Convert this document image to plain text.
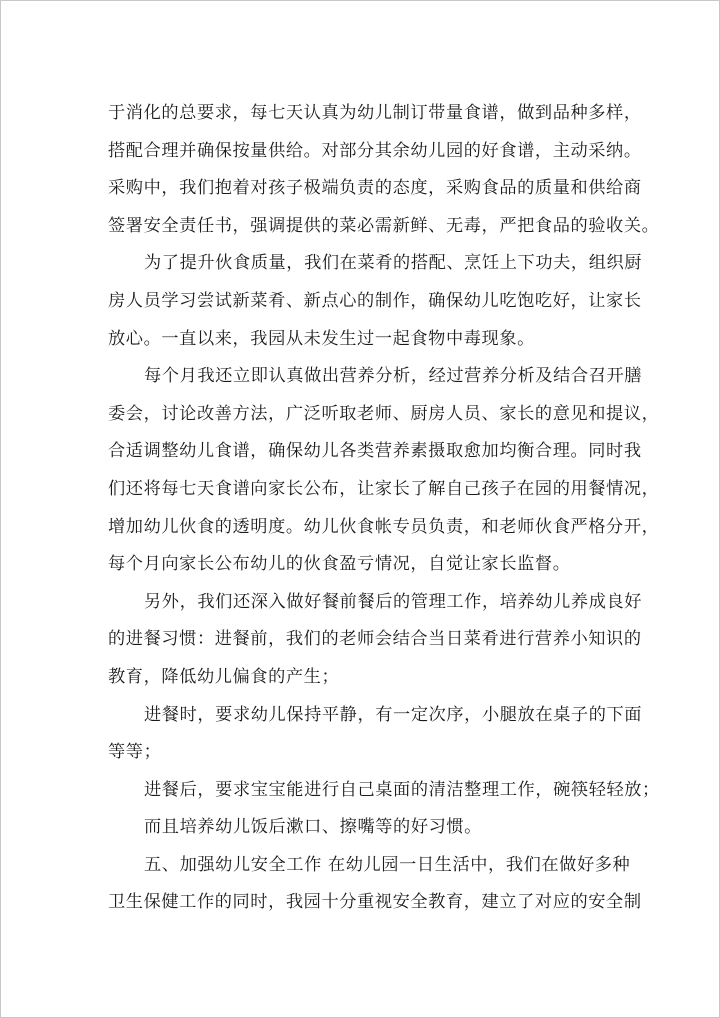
于消化的总要求，每七天认真为幼儿制订带量食谱，做到品种多样，
搭配合理并确保按量供给。对部分其余幼儿园的好食谱，主动采纳。
采购中，我们抱着对孩子极端负责的态度，采购食品的质量和供给商
签署安全责任书，强调提供的菜必需新鲜、无毒，严把食品的验收关。
为了提升伙食质量，我们在菜肴的搭配、烹饪上下功夫，组织厨
房人员学习尝试新菜肴、新点心的制作，确保幼儿吃饱吃好，让家长
放心。一直以来，我园从未发生过一起食物中毒现象。
每个月我还立即认真做出营养分析，经过营养分析及结合召开膳
委会，讨论改善方法，广泛听取老师、厨房人员、家长的意见和提议，
合适调整幼儿食谱，确保幼儿各类营养素摄取愈加均衡合理。同时我
们还将每七天食谱向家长公布，让家长了解自己孩子在园的用餐情况，
增加幼儿伙食的透明度。幼儿伙食帐专员负责，和老师伙食严格分开，
每个月向家长公布幼儿的伙食盈亏情况，自觉让家长监督。
另外，我们还深入做好餐前餐后的管理工作，培养幼儿养成良好
的进餐习惯：进餐前，我们的老师会结合当日菜肴进行营养小知识的
教育，降低幼儿偏食的产生；
进餐时，要求幼儿保持平静，有一定次序，小腿放在桌子的下面
等等；
进餐后，要求宝宝能进行自己桌面的清洁整理工作，碗筷轻轻放；
而且培养幼儿饭后漱口、擦嘴等的好习惯。
五、加强幼儿安全工作 在幼儿园一日生活中，我们在做好多种
卫生保健工作的同时，我园十分重视安全教育，建立了对应的安全制
